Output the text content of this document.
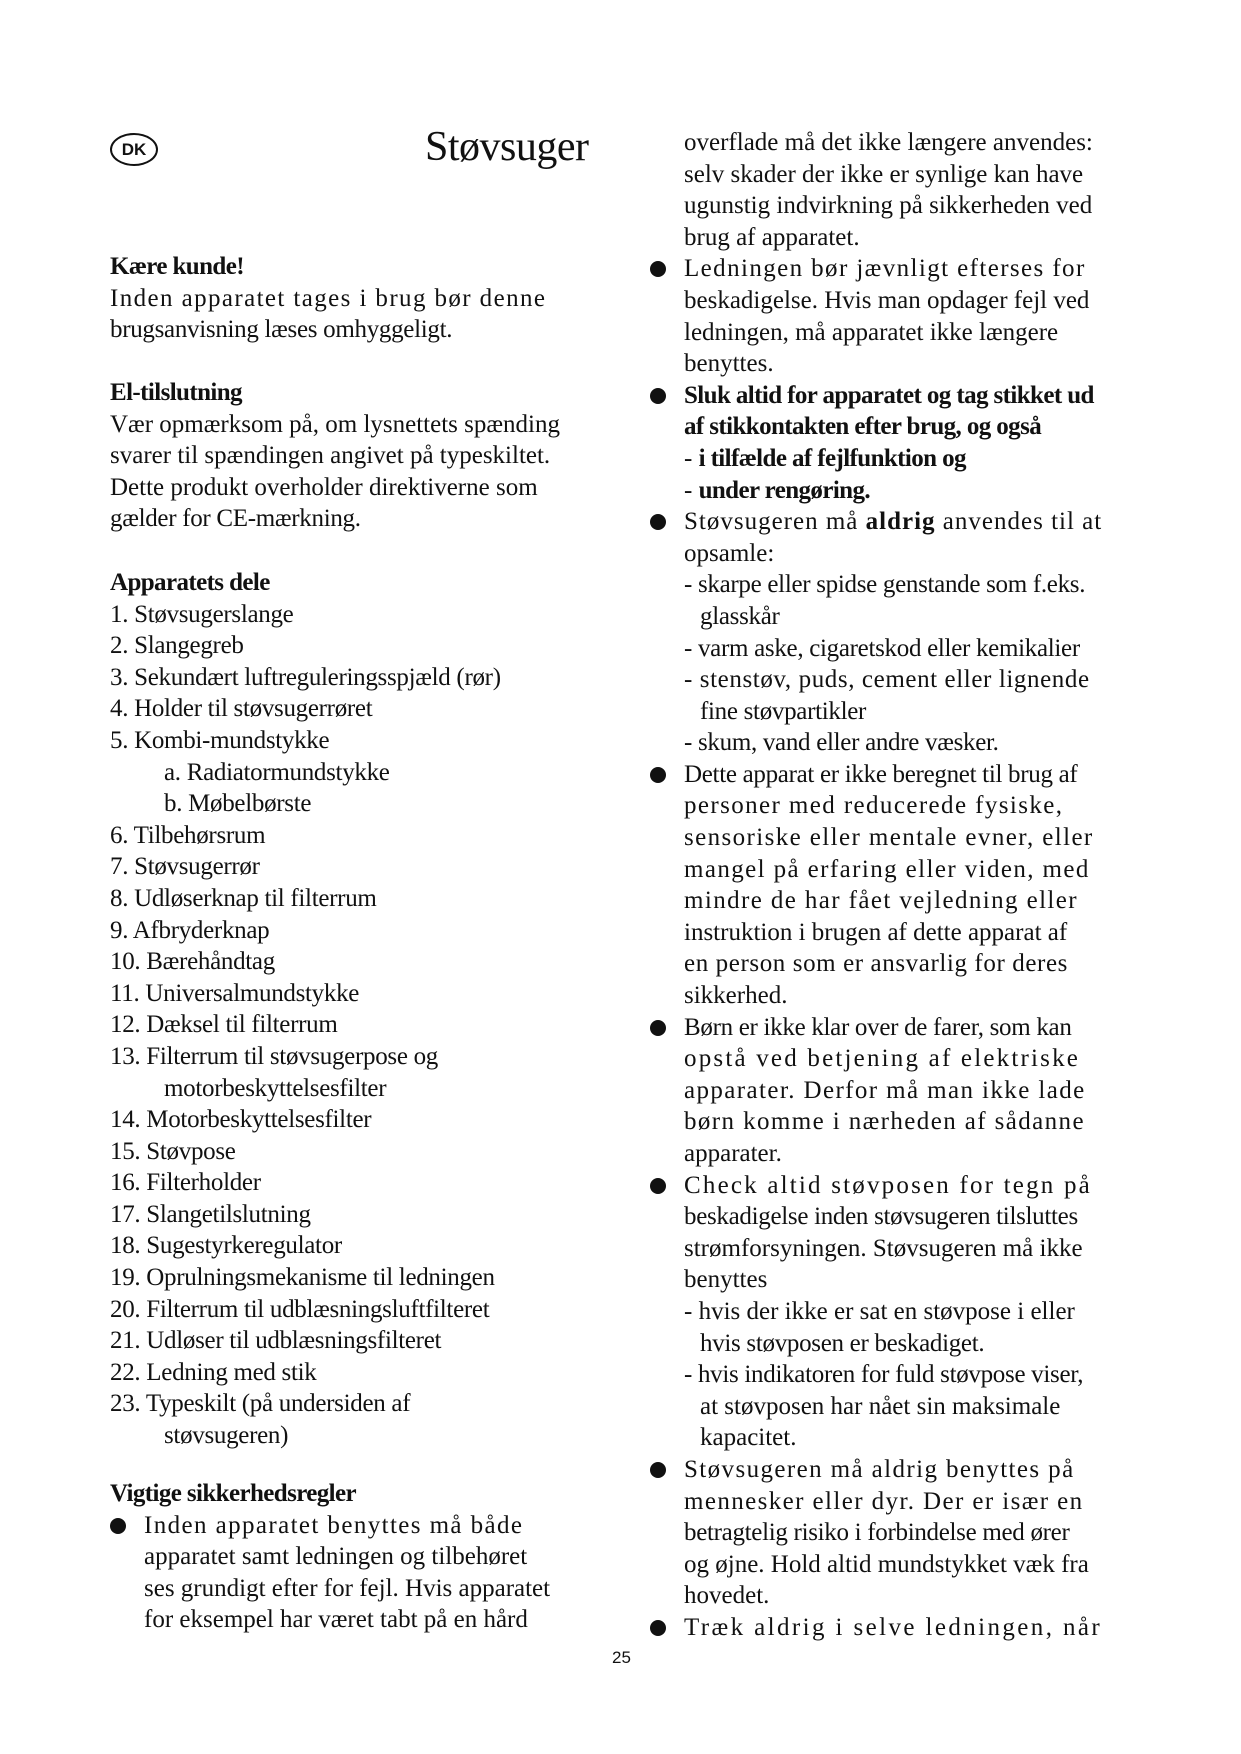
DK	Støvsuger

Kære kunde!

Inden apparatet tages i brug bør denne

brugsanvisning læses omhyggeligt.

El-tilslutning

Vær opmærksom på, om lysnettets spænding

svarer til spændingen angivet på typeskiltet.

Dette produkt overholder direktiverne som

gælder for CE-mærkning.

Apparatets dele

1. Støvsugerslange

2. Slangegreb

3. Sekundært luftreguleringsspjæld (rør)

4. Holder til støvsugerrøret

5. Kombi-mundstykke

a. Radiatormundstykke

b. Møbelbørste

6. Tilbehørsrum

7. Støvsugerrør

8. Udløserknap til filterrum

9. Afbryderknap

10. Bærehåndtag

11. Universalmundstykke

12. Dæksel til filterrum

13. Filterrum til støvsugerpose og

motorbeskyttelsesfilter

14. Motorbeskyttelsesfilter

15. Støvpose

16. Filterholder

17. Slangetilslutning

18. Sugestyrkeregulator

19. Oprulningsmekanisme til ledningen

20. Filterrum til udblæsningsluftfilteret

21. Udløser til udblæsningsfilteret

22. Ledning med stik

23. Typeskilt (på undersiden af

støvsugeren)

Vigtige sikkerhedsregler

Inden apparatet benyttes må både

apparatet samt ledningen og tilbehøret

ses grundigt efter for fejl. Hvis apparatet

for eksempel har været tabt på en hård

overflade må det ikke længere anvendes:

selv skader der ikke er synlige kan have

ugunstig indvirkning på sikkerheden ved

brug af apparatet.

Ledningen bør jævnligt efterses for

beskadigelse. Hvis man opdager fejl ved

ledningen, må apparatet ikke længere

benyttes.

Sluk altid for apparatet og tag stikket ud

af stikkontakten efter brug, og også

- i tilfælde af fejlfunktion og

- under rengøring.

Støvsugeren må aldrig anvendes til at

opsamle:

- skarpe eller spidse genstande som f.eks.

glasskår

- varm aske, cigaretskod eller kemikalier

- stenstøv, puds, cement eller lignende

fine støvpartikler

- skum, vand eller andre væsker.

Dette apparat er ikke beregnet til brug af

personer med reducerede fysiske,

sensoriske eller mentale evner, eller

mangel på erfaring eller viden, med

mindre de har fået vejledning eller

instruktion i brugen af dette apparat af

en person som er ansvarlig for deres

sikkerhed.

Børn er ikke klar over de farer, som kan

opstå ved betjening af elektriske

apparater. Derfor må man ikke lade

børn komme i nærheden af sådanne

apparater.

Check altid støvposen for tegn på

beskadigelse inden støvsugeren tilsluttes

strømforsyningen. Støvsugeren må ikke

benyttes

- hvis der ikke er sat en støvpose i eller

hvis støvposen er beskadiget.

- hvis indikatoren for fuld støvpose viser,

at støvposen har nået sin maksimale

kapacitet.

Støvsugeren må aldrig benyttes på

mennesker eller dyr. Der er især en

betragtelig risiko i forbindelse med ører

og øjne. Hold altid mundstykket væk fra

hovedet.

Træk aldrig i selve ledningen, når

25
